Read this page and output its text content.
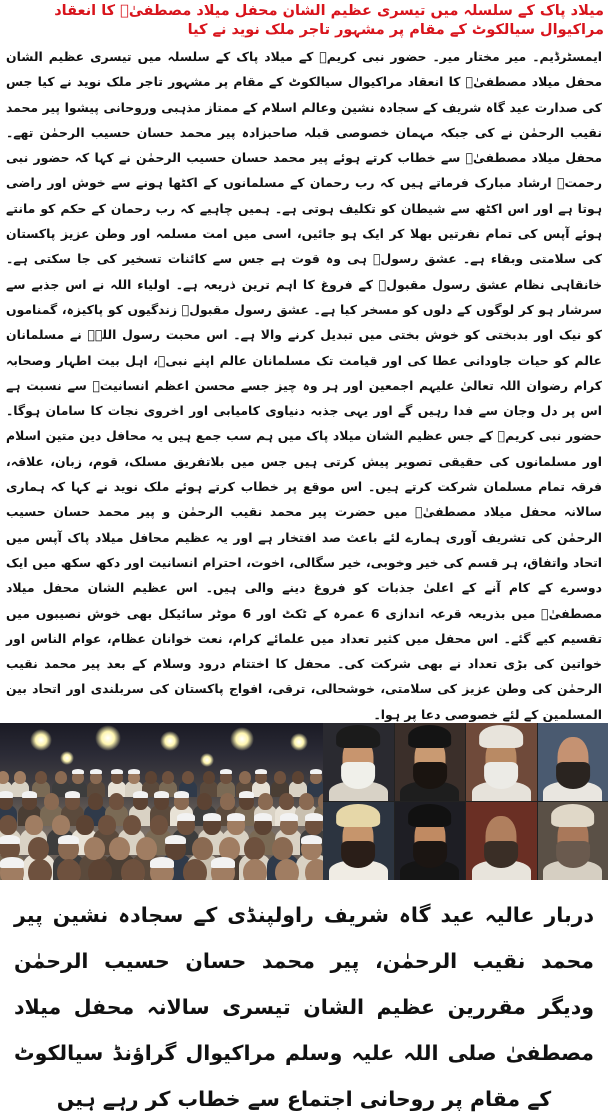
میلاد پاک کے سلسلہ میں تیسری عظیم الشان محفل میلاد مصطفیٰؐ کا انعقاد مراکیوال سیالکوٹ کے مقام پر مشہور تاجر ملک نوید نے کیا

ایمسٹرڈیم۔ میر مختار میر۔ حضور نبی کریمؐ کے میلاد پاک کے سلسلہ میں تیسری عظیم الشان محفل میلاد مصطفیٰؐ کا انعقاد مراکیوال سیالکوٹ کے مقام پر مشہور تاجر ملک نوید نے کیا جس کی صدارت عید گاہ شریف کے سجادہ نشین وعالم اسلام کے ممتاز مذہبی وروحانی پیشوا پیر محمد نقیب الرحمٰن نے کی جبکہ مہمان خصوصی قبلہ صاحبزادہ پیر محمد حسان حسیب الرحمٰن تھے۔ محفل میلاد مصطفیٰؐ سے خطاب کرتے ہوئے پیر محمد حسان حسیب الرحمٰن نے کہا کہ حضور نبی رحمتؐ ارشاد مبارک فرماتے ہیں کہ رب رحمان کے مسلمانوں کے اکٹھا ہونے سے خوش اور راضی ہوتا ہے اور اس اکٹھ سے شیطان کو تکلیف ہوتی ہے۔ ہمیں چاہیے کہ رب رحمان کے حکم کو مانتے ہوئے آپس کی تمام نفرتیں بھلا کر ایک ہو جائیں، اسی میں امت مسلمہ اور وطن عزیز پاکستان کی سلامتی وبقاء ہے۔ عشق رسولؐ ہی وہ قوت ہے جس سے کائنات تسخیر کی جا سکتی ہے۔ خانقاہی نظام عشق رسول مقبولؐ کے فروغ کا اہم ترین ذریعہ ہے۔ اولیاء اللہ نے اس جذبے سے سرشار ہو کر لوگوں کے دلوں کو مسخر کیا ہے۔ عشق رسول مقبولؐ زندگیوں کو پاکیزہ، گمناموں کو نیک اور بدبختی کو خوش بختی میں تبدیل کرنے والا ہے۔ اس محبت رسول اللہؐ نے مسلمانان عالم کو حیات جاودانی عطا کی اور قیامت تک مسلمانان عالم اپنے نبیؐ، اہل بیت اطہار وصحابہ کرام رضوان اللہ تعالیٰ علیہم اجمعین اور ہر وہ چیز جسے محسن اعظم انسانیتؐ سے نسبت ہے اس پر دل وجان سے فدا رہیں گے اور یہی جذبہ دنیاوی کامیابی اور اخروی نجات کا سامان ہوگا۔ حضور نبی کریمؐ کے جس عظیم الشان میلاد پاک میں ہم سب جمع ہیں یہ محافل دین متین اسلام اور مسلمانوں کی حقیقی تصویر پیش کرتی ہیں جس میں بلاتفریق مسلک، قوم، زبان، علاقہ، فرقہ تمام مسلمان شرکت کرتے ہیں۔ اس موقع پر خطاب کرتے ہوئے ملک نوید نے کہا کہ ہماری سالانہ محفل میلاد مصطفیٰؐ میں حضرت پیر محمد نقیب الرحمٰن و پیر محمد حسان حسیب الرحمٰن کی تشریف آوری ہمارے لئے باعث صد افتخار ہے اور یہ عظیم محافل میلاد پاک آپس میں اتحاد واتفاق، ہر قسم کی خیر وخوبی، خیر سگالی، اخوت، احترام انسانیت اور دکھ سکھ میں ایک دوسرے کے کام آنے کے اعلیٰ جذبات کو فروغ دینے والی ہیں۔ اس عظیم الشان محفل میلاد مصطفیٰؐ میں بذریعہ قرعہ اندازی 6 عمرہ کے ٹکٹ اور 6 موٹر سائیکل بھی خوش نصیبوں میں تقسیم کیے گئے۔ اس محفل میں کثیر تعداد میں علمائے کرام، نعت خوانان عظام، عوام الناس اور خواتین کی بڑی تعداد نے بھی شرکت کی۔ محفل کا اختتام درود وسلام کے بعد پیر محمد نقیب الرحمٰن کی وطن عزیز کی سلامتی، خوشحالی، ترقی، افواج پاکستان کی سربلندی اور اتحاد بین المسلمین کے لئے خصوصی دعا پر ہوا۔

دربار عالیہ عید گاہ شریف راولپنڈی کے سجادہ نشین پیر محمد نقیب الرحمٰن، پیر محمد حسان حسیب الرحمٰن ودیگر مقررین عظیم الشان تیسری سالانہ محفل میلاد مصطفیٰ صلی اللہ علیہ وسلم مراکیوال گراؤنڈ سیالکوٹ کے مقام پر روحانی اجتماع سے خطاب کر رہے ہیں
